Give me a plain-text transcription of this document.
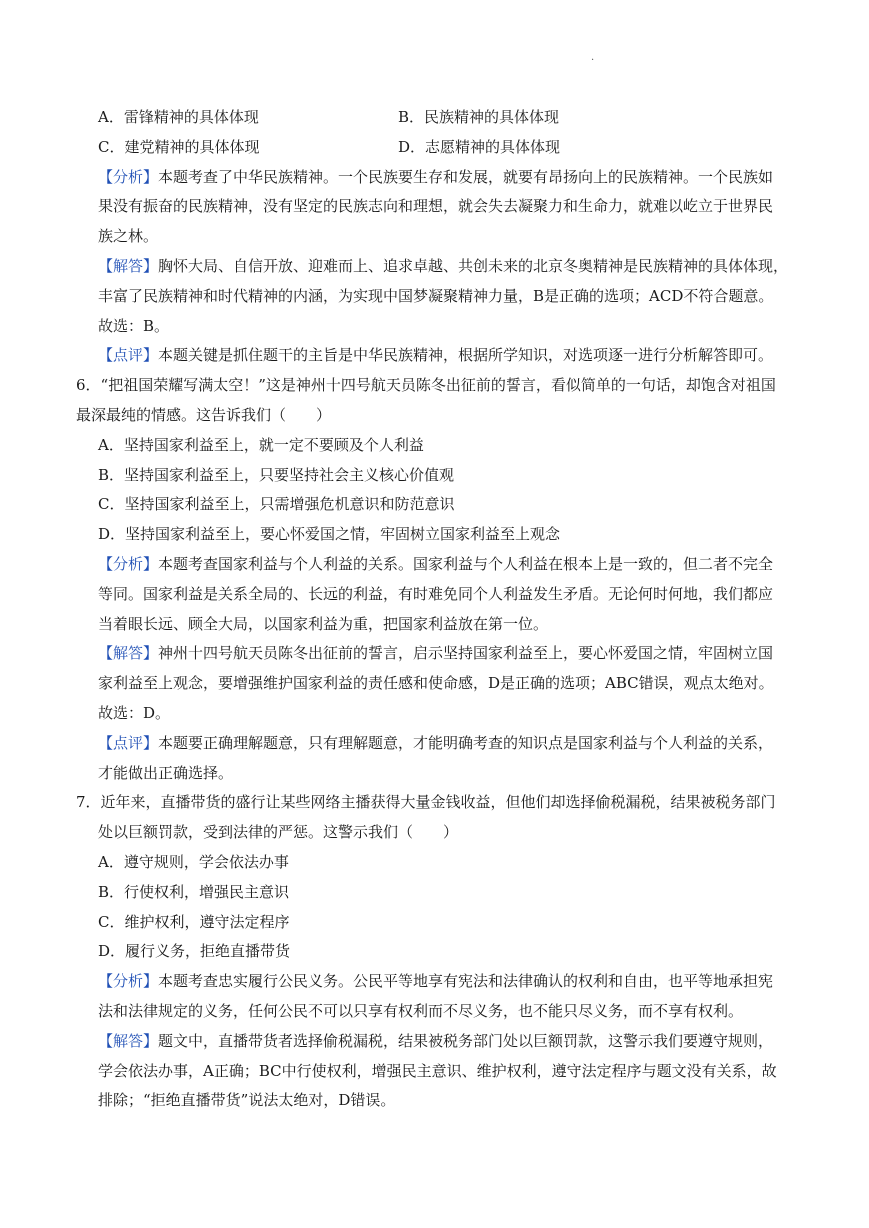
.
A．雷锋精神的具体体现	B．民族精神的具体体现
C．建党精神的具体体现	D．志愿精神的具体体现
【分析】本题考查了中华民族精神。一个民族要生存和发展，就要有昂扬向上的民族精神。一个民族如
果没有振奋的民族精神，没有坚定的民族志向和理想，就会失去凝聚力和生命力，就难以屹立于世界民
族之林。
【解答】胸怀大局、自信开放、迎难而上、追求卓越、共创未来的北京冬奥精神是民族精神的具体体现，
丰富了民族精神和时代精神的内涵，为实现中国梦凝聚精神力量，B是正确的选项；ACD不符合题意。
故选：B。
【点评】本题关键是抓住题干的主旨是中华民族精神，根据所学知识，对选项逐一进行分析解答即可。
6．“把祖国荣耀写满太空！”这是神州十四号航天员陈冬出征前的誓言，看似简单的一句话，却饱含对祖国
最深最纯的情感。这告诉我们（　　）
A．坚持国家利益至上，就一定不要顾及个人利益
B．坚持国家利益至上，只要坚持社会主义核心价值观
C．坚持国家利益至上，只需增强危机意识和防范意识
D．坚持国家利益至上，要心怀爱国之情，牢固树立国家利益至上观念
【分析】本题考查国家利益与个人利益的关系。国家利益与个人利益在根本上是一致的，但二者不完全
等同。国家利益是关系全局的、长远的利益，有时难免同个人利益发生矛盾。无论何时何地，我们都应
当着眼长远、顾全大局，以国家利益为重，把国家利益放在第一位。
【解答】神州十四号航天员陈冬出征前的誓言，启示坚持国家利益至上，要心怀爱国之情，牢固树立国
家利益至上观念，要增强维护国家利益的责任感和使命感，D是正确的选项；ABC错误，观点太绝对。
故选：D。
【点评】本题要正确理解题意，只有理解题意，才能明确考查的知识点是国家利益与个人利益的关系，
才能做出正确选择。
7．近年来，直播带货的盛行让某些网络主播获得大量金钱收益，但他们却选择偷税漏税，结果被税务部门
处以巨额罚款，受到法律的严惩。这警示我们（　　）
A．遵守规则，学会依法办事
B．行使权利，增强民主意识
C．维护权利，遵守法定程序
D．履行义务，拒绝直播带货
【分析】本题考查忠实履行公民义务。公民平等地享有宪法和法律确认的权利和自由，也平等地承担宪
法和法律规定的义务，任何公民不可以只享有权利而不尽义务，也不能只尽义务，而不享有权利。
【解答】题文中，直播带货者选择偷税漏税，结果被税务部门处以巨额罚款，这警示我们要遵守规则，
学会依法办事，A正确；BC中行使权利，增强民主意识、维护权利，遵守法定程序与题文没有关系，故
排除；“拒绝直播带货”说法太绝对，D错误。
